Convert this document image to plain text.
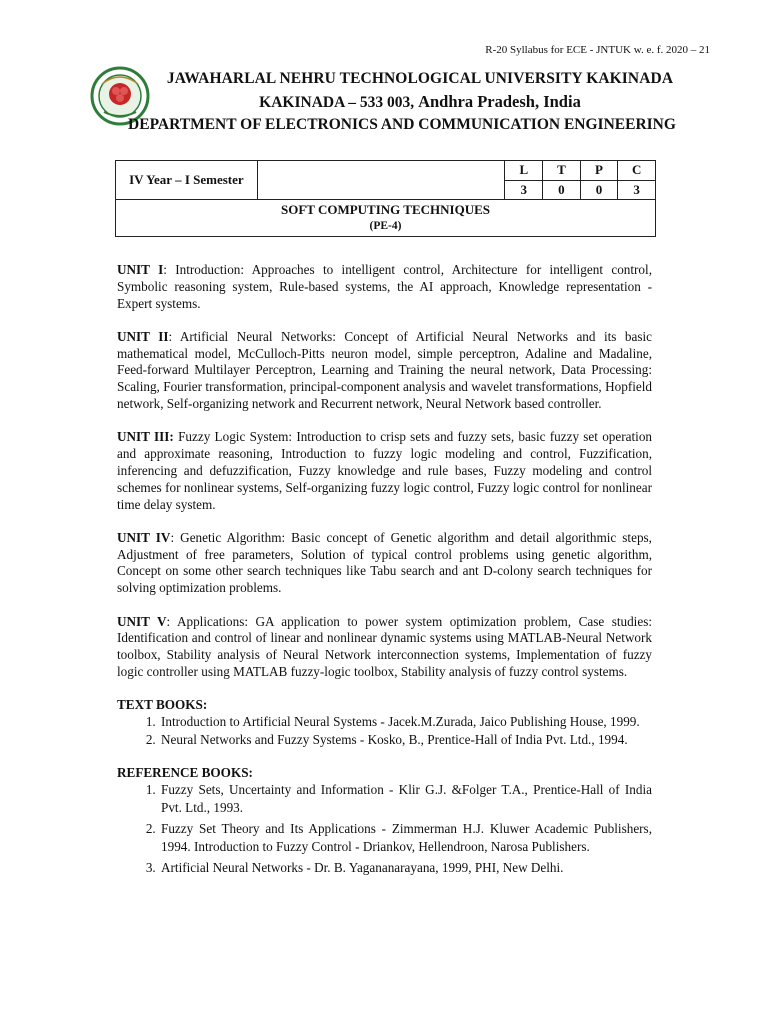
R-20 Syllabus for ECE - JNTUK w. e. f. 2020 – 21
JAWAHARLAL NEHRU TECHNOLOGICAL UNIVERSITY KAKINADA
KAKINADA – 533 003, Andhra Pradesh, India
DEPARTMENT OF ELECTRONICS AND COMMUNICATION ENGINEERING
IV Year – I Semester		L	T	P	C
		3	0	0	3

SOFT COMPUTING TECHNIQUES
(PE-4)					

UNIT I: Introduction: Approaches to intelligent control, Architecture for intelligent control, Symbolic reasoning system, Rule-based systems, the AI approach, Knowledge representation - Expert systems.

UNIT II: Artificial Neural Networks: Concept of Artificial Neural Networks and its basic mathematical model, McCulloch-Pitts neuron model, simple perceptron, Adaline and Madaline, Feed-forward Multilayer Perceptron, Learning and Training the neural network, Data Processing: Scaling, Fourier transformation, principal-component analysis and wavelet transformations, Hopfield network, Self-organizing network and Recurrent network, Neural Network based controller.

UNIT III: Fuzzy Logic System: Introduction to crisp sets and fuzzy sets, basic fuzzy set operation and approximate reasoning, Introduction to fuzzy logic modeling and control, Fuzzification, inferencing and defuzzification, Fuzzy knowledge and rule bases, Fuzzy modeling and control schemes for nonlinear systems, Self-organizing fuzzy logic control, Fuzzy logic control for nonlinear time delay system.

UNIT IV: Genetic Algorithm: Basic concept of Genetic algorithm and detail algorithmic steps, Adjustment of free parameters, Solution of typical control problems using genetic algorithm, Concept on some other search techniques like Tabu search and ant D-colony search techniques for solving optimization problems.

UNIT V: Applications: GA application to power system optimization problem, Case studies: Identification and control of linear and nonlinear dynamic systems using MATLAB-Neural Network toolbox, Stability analysis of Neural Network interconnection systems, Implementation of fuzzy logic controller using MATLAB fuzzy-logic toolbox, Stability analysis of fuzzy control systems.

TEXT BOOKS:
1. Introduction to Artificial Neural Systems - Jacek.M.Zurada, Jaico Publishing House, 1999.
2. Neural Networks and Fuzzy Systems - Kosko, B., Prentice-Hall of India Pvt. Ltd., 1994.
REFERENCE BOOKS:
1. Fuzzy Sets, Uncertainty and Information - Klir G.J. &Folger T.A., Prentice-Hall of India Pvt. Ltd., 1993.
2. Fuzzy Set Theory and Its Applications - Zimmerman H.J. Kluwer Academic Publishers, 1994. Introduction to Fuzzy Control - Driankov, Hellendroon, Narosa Publishers.
3. Artificial Neural Networks - Dr. B. Yagananarayana, 1999, PHI, New Delhi.
